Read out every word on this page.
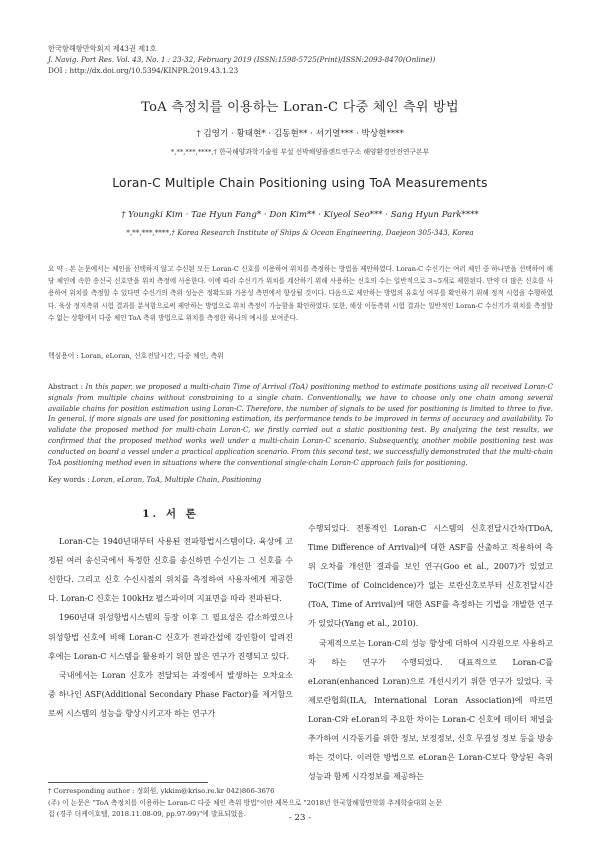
한국항해항만학회지 제43권 제1호
J. Navig. Port Res. Vol. 43, No. 1 : 23-32, February 2019 (ISSN:1598-5725(Print)/ISSN:2093-8470(Online))
DOI : http://dx.doi.org/10.5394/KINPR.2019.43.1.23
ToA 측정치를 이용하는 Loran-C 다중 체인 측위 방법
† 김영기 · 황태현* · 김동현** · 서기열*** · 박상현****
*,**,***,****,† 한국해양과학기술원 부설 선박해양플랜트연구소 해양환경안전연구본부
Loran-C Multiple Chain Positioning using ToA Measurements
† Youngki Kim · Tae Hyun Fang* · Don Kim** · Kiyeol Seo*** · Sang Hyun Park****
*,**,***,****,† Korea Research Institute of Ships & Ocean Engineering, Daejeon 305-343, Korea
요 약 : 본 논문에서는 체인을 선택하지 않고 수신된 모든 Loran-C 신호를 이용하여 위치를 측정하는 방법을 제안하였다. Loran-C 수신기는 여러 체인 중 하나만을 선택하여 해당 체인에 속한 송신국 신호만을 위치 측정에 사용한다. 이에 따라 수신기가 위치를 계산하기 위해 사용하는 신호의 수는 일반적으로 3~5개로 제한된다. 만약 더 많은 신호를 사용하여 위치를 측정할 수 있다면 수신기의 측위 성능은 정확도와 가용성 측면에서 향상될 것이다. 다음으로 제안하는 방법의 유효성 여부를 확인하기 위해 정적 시험을 수행하였다. 육상 정지측위 시험 결과를 분석함으로써 제안하는 방법으로 위치 측정이 가능함을 확인하였다. 또한, 해상 이동측위 시험 결과는 일반적인 Loran-C 수신기가 위치를 측정할 수 없는 상황에서 다중 체인 ToA 측위 방법으로 위치를 측정한 하나의 예시를 보여준다.
핵심용어 : Loran, eLoran, 신호전달시간, 다중 체인, 측위
Abstract : In this paper, we proposed a multi-chain Time of Arrival (ToA) positioning method to estimate positions using all received Loran-C signals from multiple chains without constraining to a single chain. Conventionally, we have to choose only one chain among several available chains for position estimation using Loran-C. Therefore, the number of signals to be used for positioning is limited to three to five. In general, if more signals are used for positioning estimation, its performance tends to be improved in terms of accuracy and availability. To validate the proposed method for multi-chain Loran-C, we firstly carried out a static positioning test. By analyzing the test results, we confirmed that the proposed method works well under a multi-chain Loran-C scenario. Subsequently, another mobile positioning test was conducted on board a vessel under a practical application scenario. From this second test, we successfully demonstrated that the multi-chain ToA positioning method even in situations where the conventional single-chain Loran-C approach fails for positioning.
Key words : Loran, eLoran, ToA, Multiple Chain, Positioning
1. 서 론

Loran-C는 1940년대부터 사용된 전파항법시스템이다. 육상에 고정된 여러 송신국에서 특정한 신호를 송신하면 수신기는 그 신호를 수신한다. 그리고 신호 수신시점의 위치를 측정하여 사용자에게 제공한다. Loran-C 신호는 100kHz 펄스파이며 지표면을 따라 전파된다.

1960년대 위성항법시스템의 등장 이후 그 필요성은 감소하였으나 위성항법 신호에 비해 Loran-C 신호가 전파간섭에 강인함이 알려진 후에는 Loran-C 시스템을 활용하기 위한 많은 연구가 진행되고 있다.

국내에서는 Loran 신호가 전달되는 과정에서 발생하는 오차요소 중 하나인 ASF(Additional Secondary Phase Factor)를 제거함으로써 시스템의 성능을 향상시키고자 하는 연구가

수행되었다. 전통적인 Loran-C 시스템의 신호전달시간차(TDoA, Time Difference of Arrival)에 대한 ASF를 산출하고 적용하여 측위 오차를 개선한 결과를 보인 연구(Goo et al., 2007)가 있었고 ToC(Time of Coincidence)가 없는 로란신호로부터 신호전달시간(ToA, Time of Arrival)에 대한 ASF를 측정하는 기법을 개발한 연구가 있었다(Yang et al., 2010).

국제적으로는 Loran-C의 성능 향상에 더하여 시각원으로 사용하고자 하는 연구가 수행되었다. 대표적으로 Loran-C를 eLoran(enhanced Loran)으로 개선시키기 위한 연구가 있었다. 국제로란협회(ILA, International Loran Association)에 따르면 Loran-C와 eLoran의 주요한 차이는 Loran-C 신호에 데이터 채널을 추가하여 시각동기를 위한 정보, 보정정보, 신호 무결성 정보 등을 방송하는 것이다. 이러한 방법으로 eLoran은 Loran-C보다 향상된 측위 성능과 함께 시각정보를 제공하는

† Corresponding author : 정회원, ykkim@kriso.re.kr 042)866-3676
(주) 이 논문은 "ToA 측정치를 이용하는 Loran-C 다중 체인 측위 방법"이란 제목으로 "2018년 한국항해항만학회 추계학술대회 논문
집 (경주 더케이호텔, 2018.11.08-09, pp.97-99)"에 발표되었음.	- 23 -
